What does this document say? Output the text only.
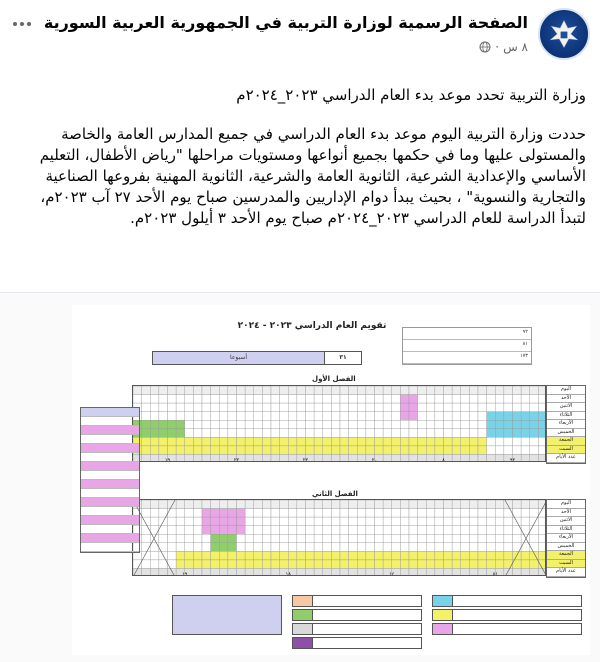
الصفحة الرسمية لوزارة التربية في الجمهورية العربية السورية
٨ س
·
وزارة التربية تحدد موعد بدء العام الدراسي ٢٠٢٣_٢٠٢٤م
حددت وزارة التربية اليوم موعد بدء العام الدراسي في جميع المدارس العامة والخاصة والمستولى عليها وما في حكمها بجميع أنواعها ومستويات مراحلها "رياض الأطفال، التعليم الأساسي والإعدادية الشرعية، الثانوية العامة والشرعية، الثانوية المهنية بفروعها الصناعية والتجارية والنسوية" ، بحيث يبدأ دوام الإداريين والمدرسين صباح يوم الأحد ٢٧ آب ٢٠٢٣م، لتبدأ الدراسة للعام الدراسي ٢٠٢٣_٢٠٢٤م صباح يوم الأحد ٣ أيلول ٢٠٢٣م.
تقويم العام الدراسي ٢٠٢٣ - ٢٠٢٤
٩٢
٨١
١٧٣
أسبوعا	٣١
الفصل الأول
الفصل الثاني
اليوم
الأحد
الاثنين
الثلاثاء
الأربعاء
الخميس
الجمعة
السبت
عدد الأيام
اليوم
الأحد
الاثنين
الثلاثاء
الأربعاء
الخميس
الجمعة
السبت
عدد الأيام
٩٢
٨
٢٠
٢٢
٢٢
١٩
٨١
١٤
١٨
١٩
